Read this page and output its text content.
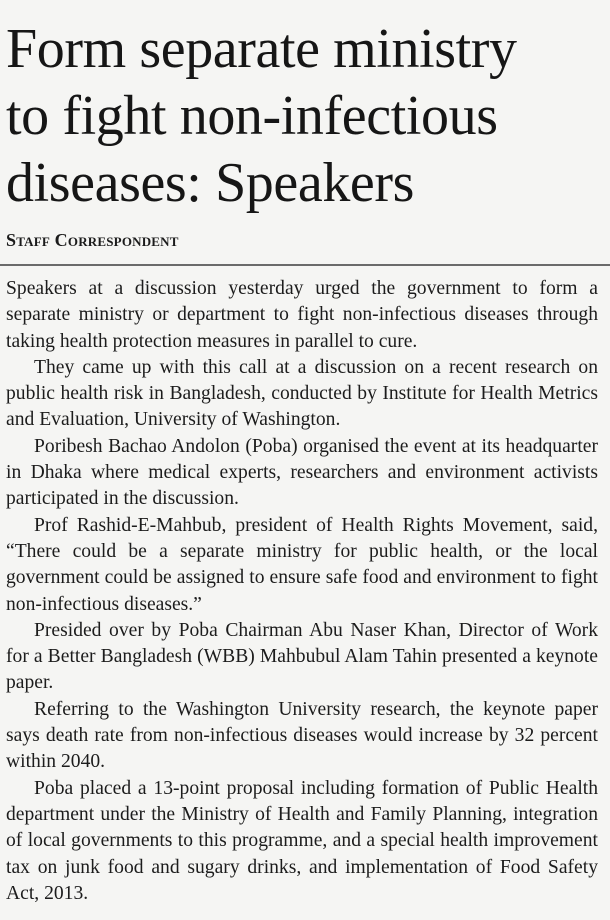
Form separate ministry
to fight non-infectious
diseases: Speakers
Staff Correspondent

Speakers at a discussion yesterday urged the government to form a separate ministry or department to fight non-infectious diseases through taking health protection measures in parallel to cure.

They came up with this call at a discussion on a recent research on public health risk in Bangladesh, conducted by Institute for Health Metrics and Evaluation, University of Washington.

Poribesh Bachao Andolon (Poba) organised the event at its headquarter in Dhaka where medical experts, researchers and environment activists participated in the discussion.

Prof Rashid-E-Mahbub, president of Health Rights Movement, said, “There could be a separate ministry for public health, or the local government could be assigned to ensure safe food and environment to fight non-infectious diseases.”

Presided over by Poba Chairman Abu Naser Khan, Director of Work for a Better Bangladesh (WBB) Mahbubul Alam Tahin presented a keynote paper.

Referring to the Washington University research, the keynote paper says death rate from non-infectious diseases would increase by 32 percent within 2040.

Poba placed a 13-point proposal including formation of Public Health department under the Ministry of Health and Family Planning, integration of local governments to this programme, and a special health improvement tax on junk food and sugary drinks, and implementation of Food Safety Act, 2013.
